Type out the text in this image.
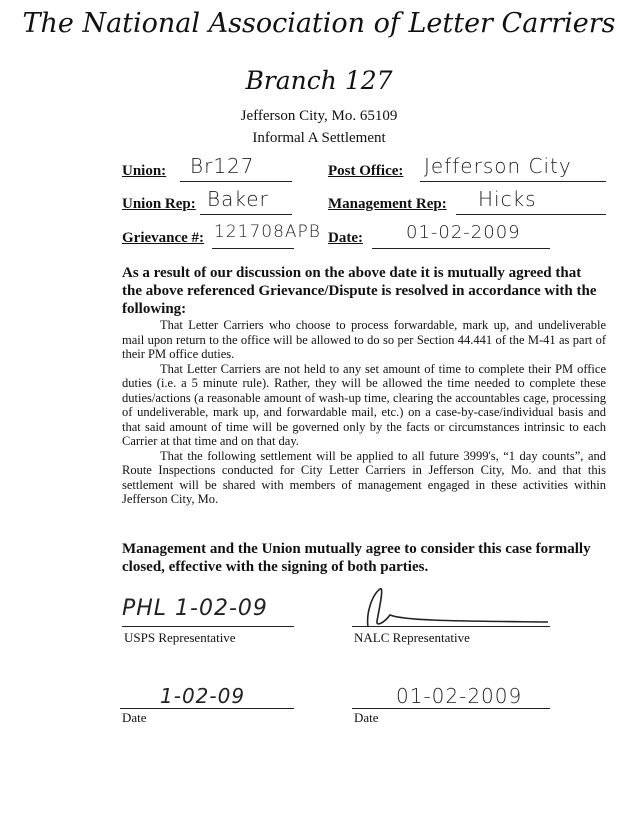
The National Association of Letter Carriers
Branch 127
Jefferson City, Mo. 65109
Informal A Settlement
Union: Br127	Post Office: Jefferson City
Union Rep: Baker	Management Rep: Hicks
Grievance #: 121708APB Date: 01-02-2009
As a result of our discussion on the above date it is mutually agreed that the above referenced Grievance/Dispute is resolved in accordance with the following:

That Letter Carriers who choose to process forwardable, mark up, and undeliverable mail upon return to the office will be allowed to do so per Section 44.441 of the M-41 as part of their PM office duties.

That Letter Carriers are not held to any set amount of time to complete their PM office duties (i.e. a 5 minute rule). Rather, they will be allowed the time needed to complete these duties/actions (a reasonable amount of wash-up time, clearing the accountables cage, processing of undeliverable, mark up, and forwardable mail, etc.) on a case-by-case/individual basis and that said amount of time will be governed only by the facts or circumstances intrinsic to each Carrier at that time and on that day.

That the following settlement will be applied to all future 3999's, “1 day counts”, and Route Inspections conducted for City Letter Carriers in Jefferson City, Mo. and that this settlement will be shared with members of management engaged in these activities within Jefferson City, Mo.

Management and the Union mutually agree to consider this case formally closed, effective with the signing of both parties.
PHL 1-02-09
USPS Representative	NALC Representative
1-02-09
Date
01-02-2009
Date
